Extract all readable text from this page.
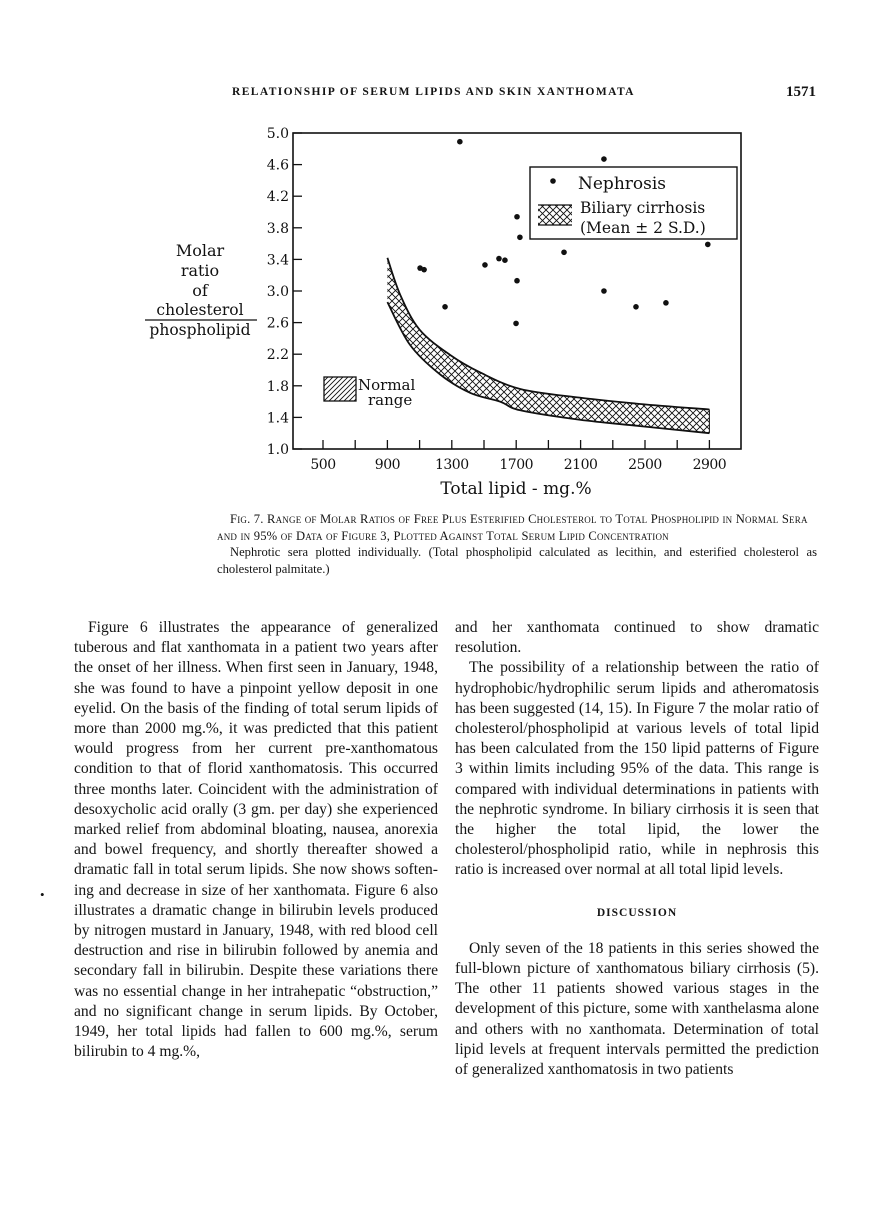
RELATIONSHIP OF SERUM LIPIDS AND SKIN XANTHOMATA	1571
1.0
1.4
1.8
2.2
2.6
3.0
3.4
3.8
4.2
4.6
5.0
500	900 1300 1700 2100 2500 2900
Total lipid - mg.%
Nephrosis
Biliary cirrhosis
(Mean ± 2 S.D.)
Normal
range
Molar
ratio
of
cholesterol
phospholipid
Fig. 7. Range of Molar Ratios of Free Plus Esterified Cholesterol to Total Phospholipid in Normal Sera and in 95% of Data of Figure 3, Plotted Against Total Serum Lipid Concentration
Nephrotic sera plotted individually. (Total phospholipid calculated as lecithin, and esterified cholesterol as cholesterol palmitate.)
•

Figure 6 illustrates the appearance of generalized tuberous and flat xanthomata in a patient two years after the onset of her illness. When first seen in January, 1948, she was found to have a pinpoint yellow deposit in one eyelid. On the basis of the finding of total serum lipids of more than 2000 mg.%, it was predicted that this patient would progress from her current pre-xanthomatous condition to that of florid xanthomatosis. This occurred three months later. Coincident with the administration of desoxycholic acid orally (3 gm. per day) she experienced marked relief from abdominal bloating, nausea, anorexia and bowel frequency, and shortly thereafter showed a dramatic fall in total serum lipids. She now shows softening and decrease in size of her xanthomata. Figure 6 also illustrates a dramatic change in bilirubin levels produced by nitrogen mustard in January, 1948, with red blood cell destruction and rise in bilirubin followed by anemia and secondary fall in bilirubin. Despite these variations there was no essential change in her intrahepatic “obstruction,” and no significant change in serum lipids. By October, 1949, her total lipids had fallen to 600 mg.%, serum bilirubin to 4 mg.%,

and her xanthomata continued to show dramatic resolution.

The possibility of a relationship between the ratio of hydrophobic/hydrophilic serum lipids and atheromatosis has been suggested (14, 15). In Figure 7 the molar ratio of cholesterol/phospholipid at various levels of total lipid has been calculated from the 150 lipid patterns of Figure 3 within limits including 95% of the data. This range is compared with individual determinations in patients with the nephrotic syndrome. In biliary cirrhosis it is seen that the higher the total lipid, the lower the cholesterol/phospholipid ratio, while in nephrosis this ratio is increased over normal at all total lipid levels.

DISCUSSION

Only seven of the 18 patients in this series showed the full-blown picture of xanthomatous biliary cirrhosis (5). The other 11 patients showed various stages in the development of this picture, some with xanthelasma alone and others with no xanthomata. Determination of total lipid levels at frequent intervals permitted the prediction of generalized xanthomatosis in two patients
